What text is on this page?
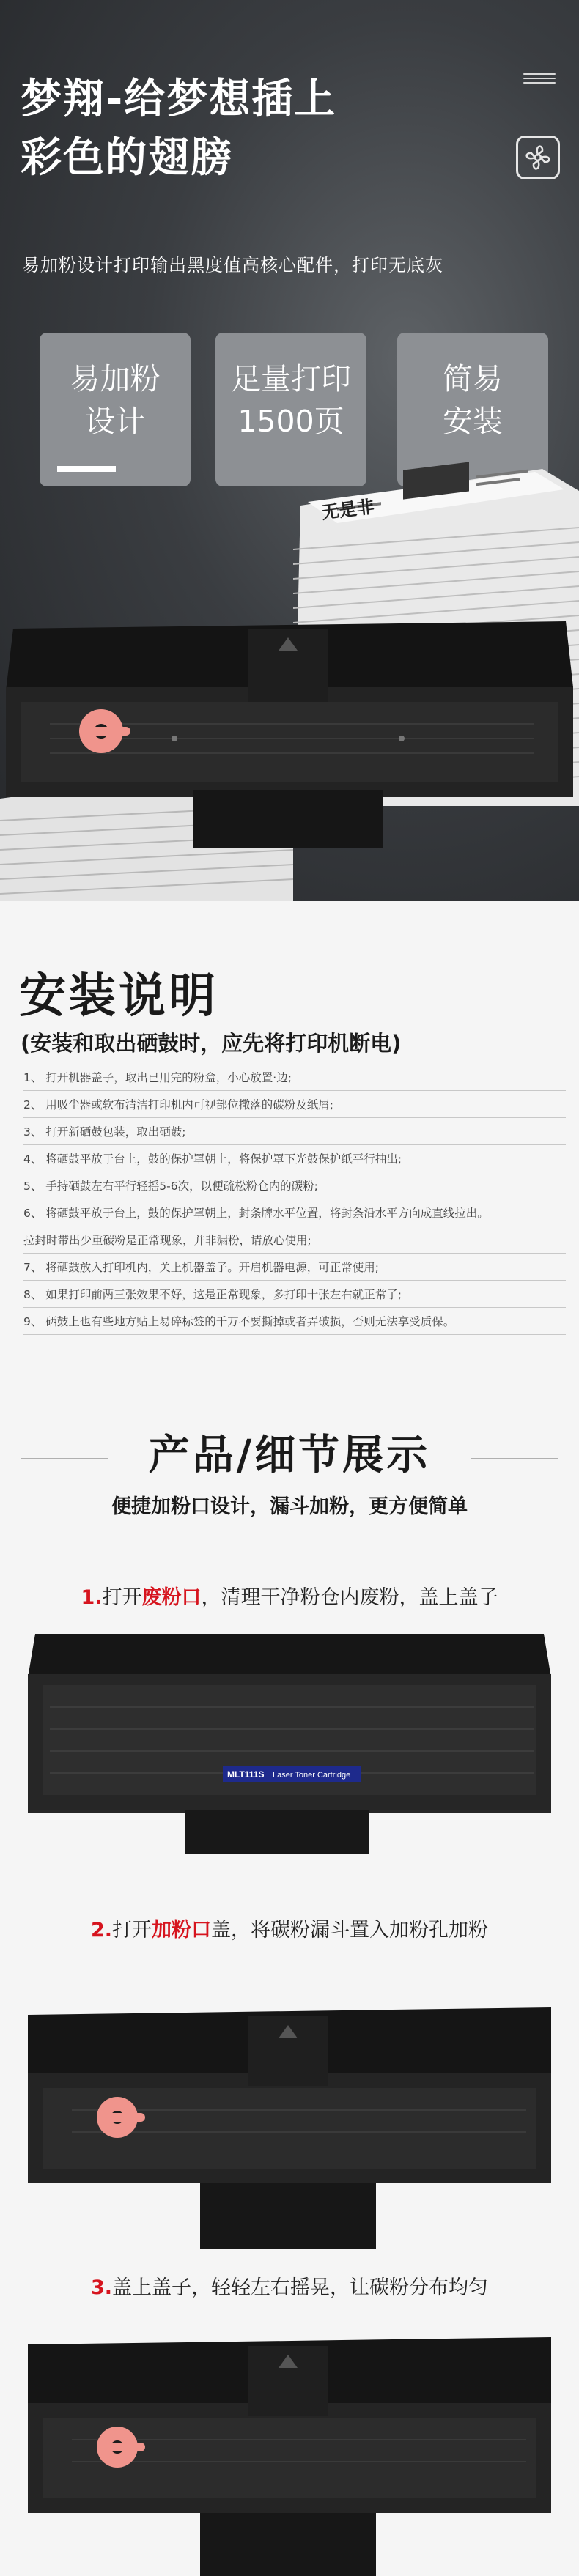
梦翔-给梦想插上
彩色的翅膀
易加粉设计打印输出黑度值高核心配件，打印无底灰
易加粉
设计
足量打印
1500页
简易
安装
无是非
安装说明
(安装和取出硒鼓时，应先将打印机断电)
1、 打开机器盖子，取出已用完的粉盒，小心放置·边;
2、 用吸尘器或软布清洁打印机内可视部位撒落的碳粉及纸屑;
3、 打开新硒鼓包装，取出硒鼓;
4、 将硒鼓平放于台上，鼓的保护罩朝上，将保护罩下光鼓保护纸平行抽出;
5、 手持硒鼓左右平行轻摇5-6次，以便疏松粉仓内的碳粉;
6、 将硒鼓平放于台上，鼓的保护罩朝上，封条牌水平位置，将封条沿水平方向成直线拉出。
拉封时带出少重碳粉是正常现象，并非漏粉，请放心使用;
7、 将硒鼓放入打印机内，关上机器盖子。开启机器电源，可正常使用;
8、 如果打印前两三张效果不好，这是正常现象，多打印十张左右就正常了;
9、 硒鼓上也有些地方贴上易碎标签的千万不要撕掉或者弄破损，否则无法享受质保。
产品/细节展示
便捷加粉口设计，漏斗加粉，更方便简单
1.打开废粉口，清理干净粉仓内废粉，盖上盖子
MLT111S Laser Toner Cartridge
2.打开加粉口盖，将碳粉漏斗置入加粉孔加粉
3.盖上盖子，轻轻左右摇晃，让碳粉分布均匀
